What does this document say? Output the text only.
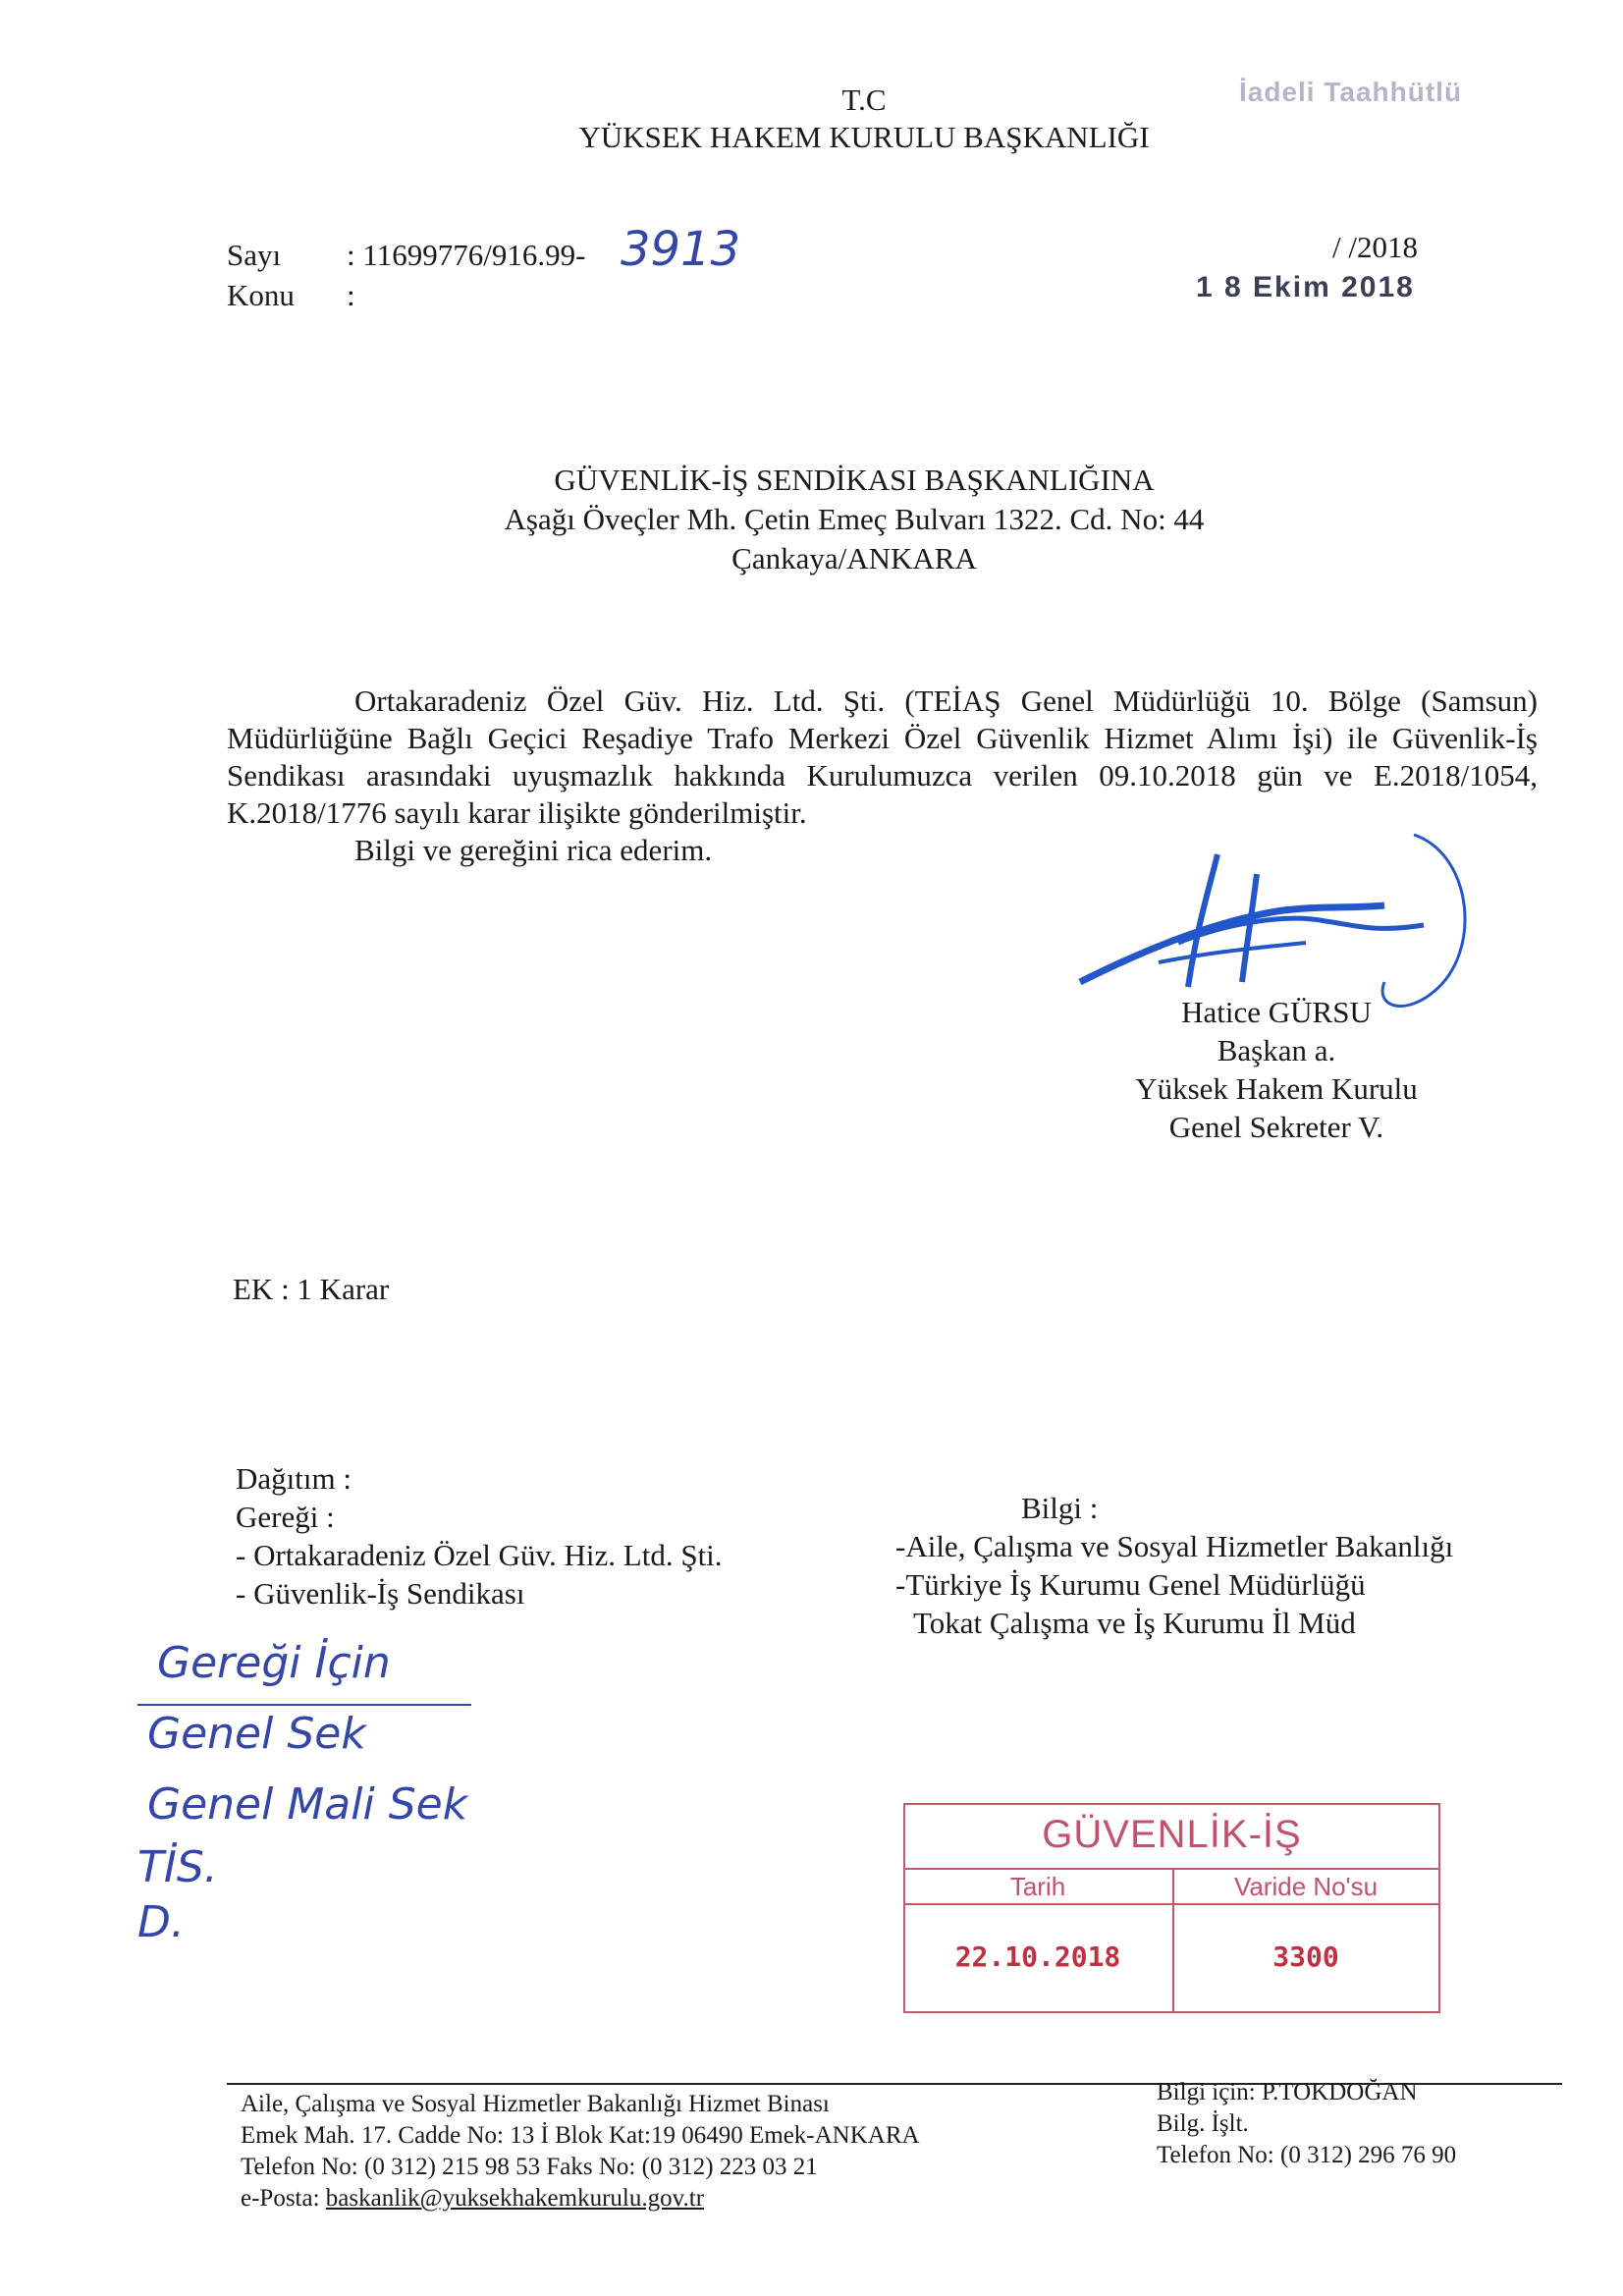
İadeli Taahhütlü
T.C
YÜKSEK HAKEM KURULU BAŞKANLIĞI
Sayı : 11699776/916.99- 3913
Konu :
/ /2018
1 8 Ekim 2018
GÜVENLİK-İŞ SENDİKASI BAŞKANLIĞINA
Aşağı Öveçler Mh. Çetin Emeç Bulvarı 1322. Cd. No: 44
Çankaya/ANKARA

Ortakaradeniz Özel Güv. Hiz. Ltd. Şti. (TEİAŞ Genel Müdürlüğü 10. Bölge (Samsun) Müdürlüğüne Bağlı Geçici Reşadiye Trafo Merkezi Özel Güvenlik Hizmet Alımı İşi) ile Güvenlik-İş Sendikası arasındaki uyuşmazlık hakkında Kurulumuzca verilen 09.10.2018 gün ve E.2018/1054, K.2018/1776 sayılı karar ilişikte gönderilmiştir.

Bilgi ve gereğini rica ederim.

Hatice GÜRSU
Başkan a.
Yüksek Hakem Kurulu
Genel Sekreter V.
EK : 1 Karar
Dağıtım :
Gereği :
- Ortakaradeniz Özel Güv. Hiz. Ltd. Şti.
- Güvenlik-İş Sendikası
Bilgi :
-Aile, Çalışma ve Sosyal Hizmetler Bakanlığı
-Türkiye İş Kurumu Genel Müdürlüğü
Tokat Çalışma ve İş Kurumu İl Müd
Gereği İçin
Genel Sek
Genel Mali Sek
TİS.
D.
GÜVENLİK-İŞ
Tarih	Varide No'su
22.10.2018	3300
Aile, Çalışma ve Sosyal Hizmetler Bakanlığı Hizmet Binası
Emek Mah. 17. Cadde No: 13 İ Blok Kat:19 06490 Emek-ANKARA
Telefon No: (0 312) 215 98 53 Faks No: (0 312) 223 03 21
e-Posta: baskanlik@yuksekhakemkurulu.gov.tr
Bilgi için: P.TOKDOĞAN
Bilg. İşlt.
Telefon No: (0 312) 296 76 90
